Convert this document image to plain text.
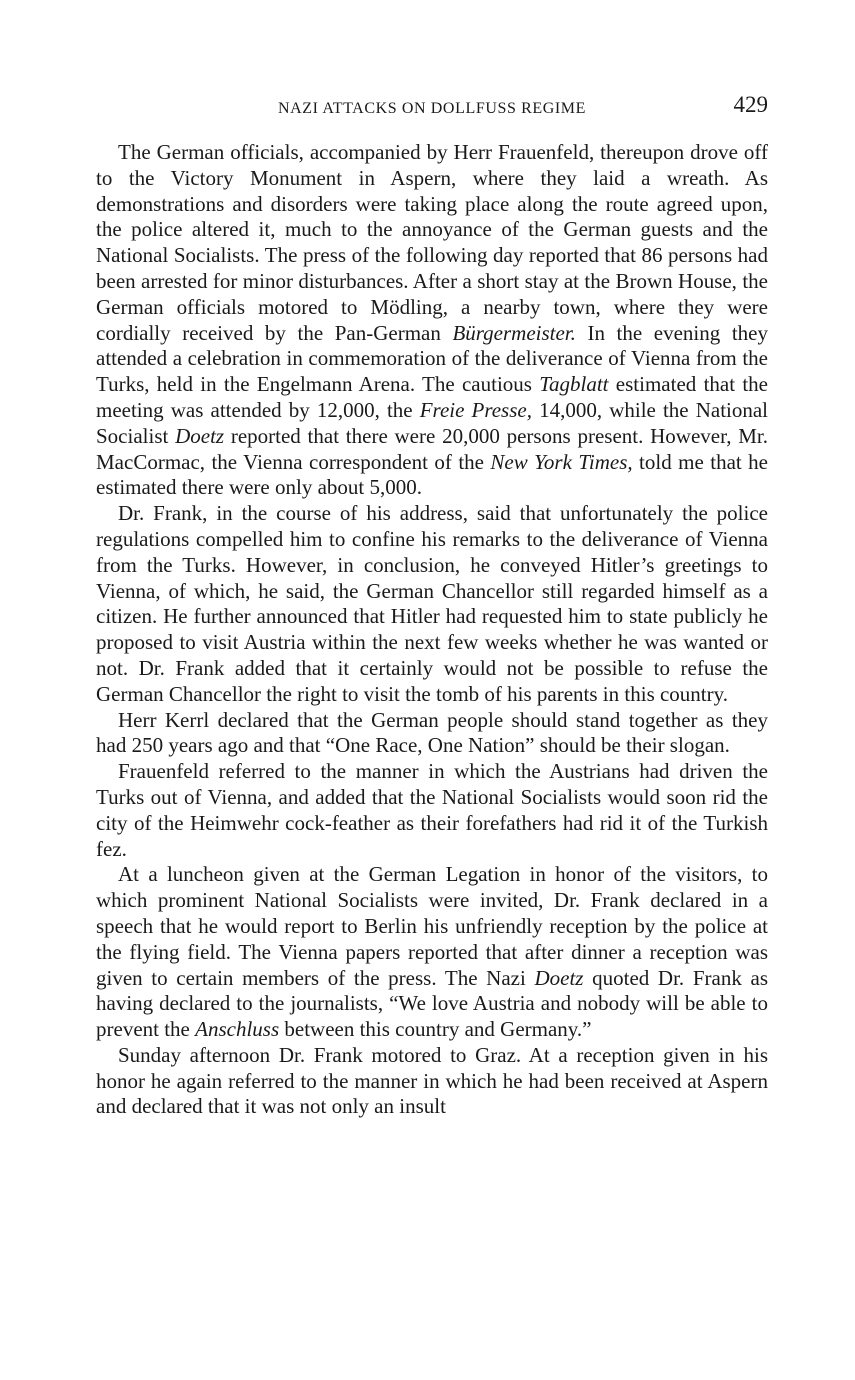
NAZI ATTACKS ON DOLLFUSS REGIME	429

The German officials, accompanied by Herr Frauenfeld, thereupon drove off to the Victory Monument in Aspern, where they laid a wreath. As demonstrations and disorders were taking place along the route agreed upon, the police altered it, much to the annoyance of the German guests and the National Socialists. The press of the following day reported that 86 persons had been arrested for minor disturbances. After a short stay at the Brown House, the German officials motored to Mödling, a nearby town, where they were cordially received by the Pan-German Bürgermeister. In the evening they attended a celebration in commemoration of the deliverance of Vienna from the Turks, held in the Engelmann Arena. The cautious Tagblatt estimated that the meeting was attended by 12,000, the Freie Presse, 14,000, while the National Socialist Doetz reported that there were 20,000 persons present. However, Mr. MacCormac, the Vienna correspondent of the New York Times, told me that he estimated there were only about 5,000.

Dr. Frank, in the course of his address, said that unfortunately the police regulations compelled him to confine his remarks to the deliverance of Vienna from the Turks. However, in conclusion, he conveyed Hitler’s greetings to Vienna, of which, he said, the German Chancellor still regarded himself as a citizen. He further announced that Hitler had requested him to state publicly he proposed to visit Austria within the next few weeks whether he was wanted or not. Dr. Frank added that it certainly would not be possible to refuse the German Chancellor the right to visit the tomb of his parents in this country.

Herr Kerrl declared that the German people should stand together as they had 250 years ago and that “One Race, One Nation” should be their slogan.

Frauenfeld referred to the manner in which the Austrians had driven the Turks out of Vienna, and added that the National Socialists would soon rid the city of the Heimwehr cock-feather as their forefathers had rid it of the Turkish fez.

At a luncheon given at the German Legation in honor of the visitors, to which prominent National Socialists were invited, Dr. Frank declared in a speech that he would report to Berlin his unfriendly reception by the police at the flying field. The Vienna papers reported that after dinner a reception was given to certain members of the press. The Nazi Doetz quoted Dr. Frank as having declared to the journalists, “We love Austria and nobody will be able to prevent the Anschluss between this country and Germany.”

Sunday afternoon Dr. Frank motored to Graz. At a reception given in his honor he again referred to the manner in which he had been received at Aspern and declared that it was not only an insult
